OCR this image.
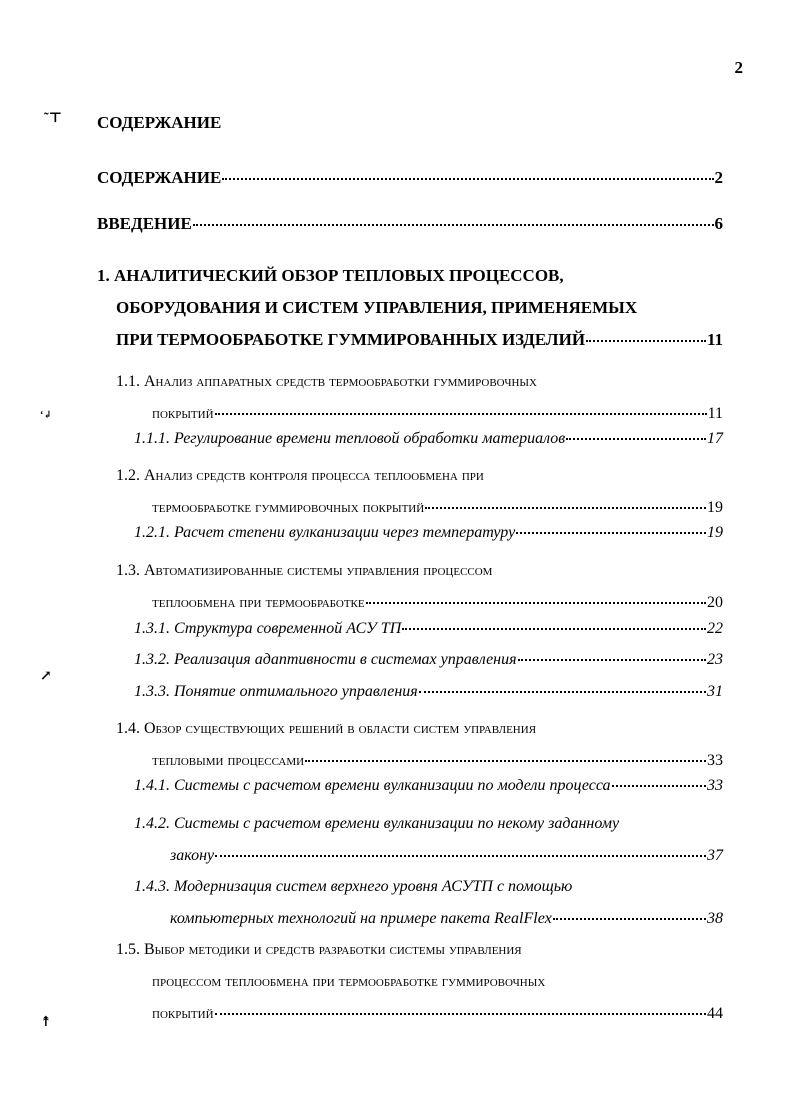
2
˜⊤
ʻ↲
↗
↟
СОДЕРЖАНИЕ
СОДЕРЖАНИЕ	2
ВВЕДЕНИЕ	6
1. АНАЛИТИЧЕСКИЙ ОБЗОР ТЕПЛОВЫХ ПРОЦЕССОВ,
ОБОРУДОВАНИЯ И СИСТЕМ УПРАВЛЕНИЯ, ПРИМЕНЯЕМЫХ
ПРИ ТЕРМООБРАБОТКЕ ГУММИРОВАННЫХ ИЗДЕЛИЙ	11
1.1. Анализ аппаратных средств термообработки гуммировочных
покрытий	11
1.1.1. Регулирование времени тепловой обработки материалов	17
1.2. Анализ средств контроля процесса теплообмена при
термообработке гуммировочных покрытий	19
1.2.1. Расчет степени вулканизации через температуру	19
1.3. Автоматизированные системы управления процессом
теплообмена при термообработке	20
1.3.1. Структура современной АСУ ТП	22
1.3.2. Реализация адаптивности в системах управления	23
1.3.3. Понятие оптимального управления	31
1.4. Обзор существующих решений в области систем управления
тепловыми процессами	33
1.4.1. Системы с расчетом времени вулканизации по модели процесса	33
1.4.2. Системы с расчетом времени вулканизации по некому заданному
закону	37
1.4.3. Модернизация систем верхнего уровня АСУТП с помощью
компьютерных технологий на примере пакета RealFlex	38
1.5. Выбор методики и средств разработки системы управления
процессом теплообмена при термообработке гуммировочных
покрытий	44
